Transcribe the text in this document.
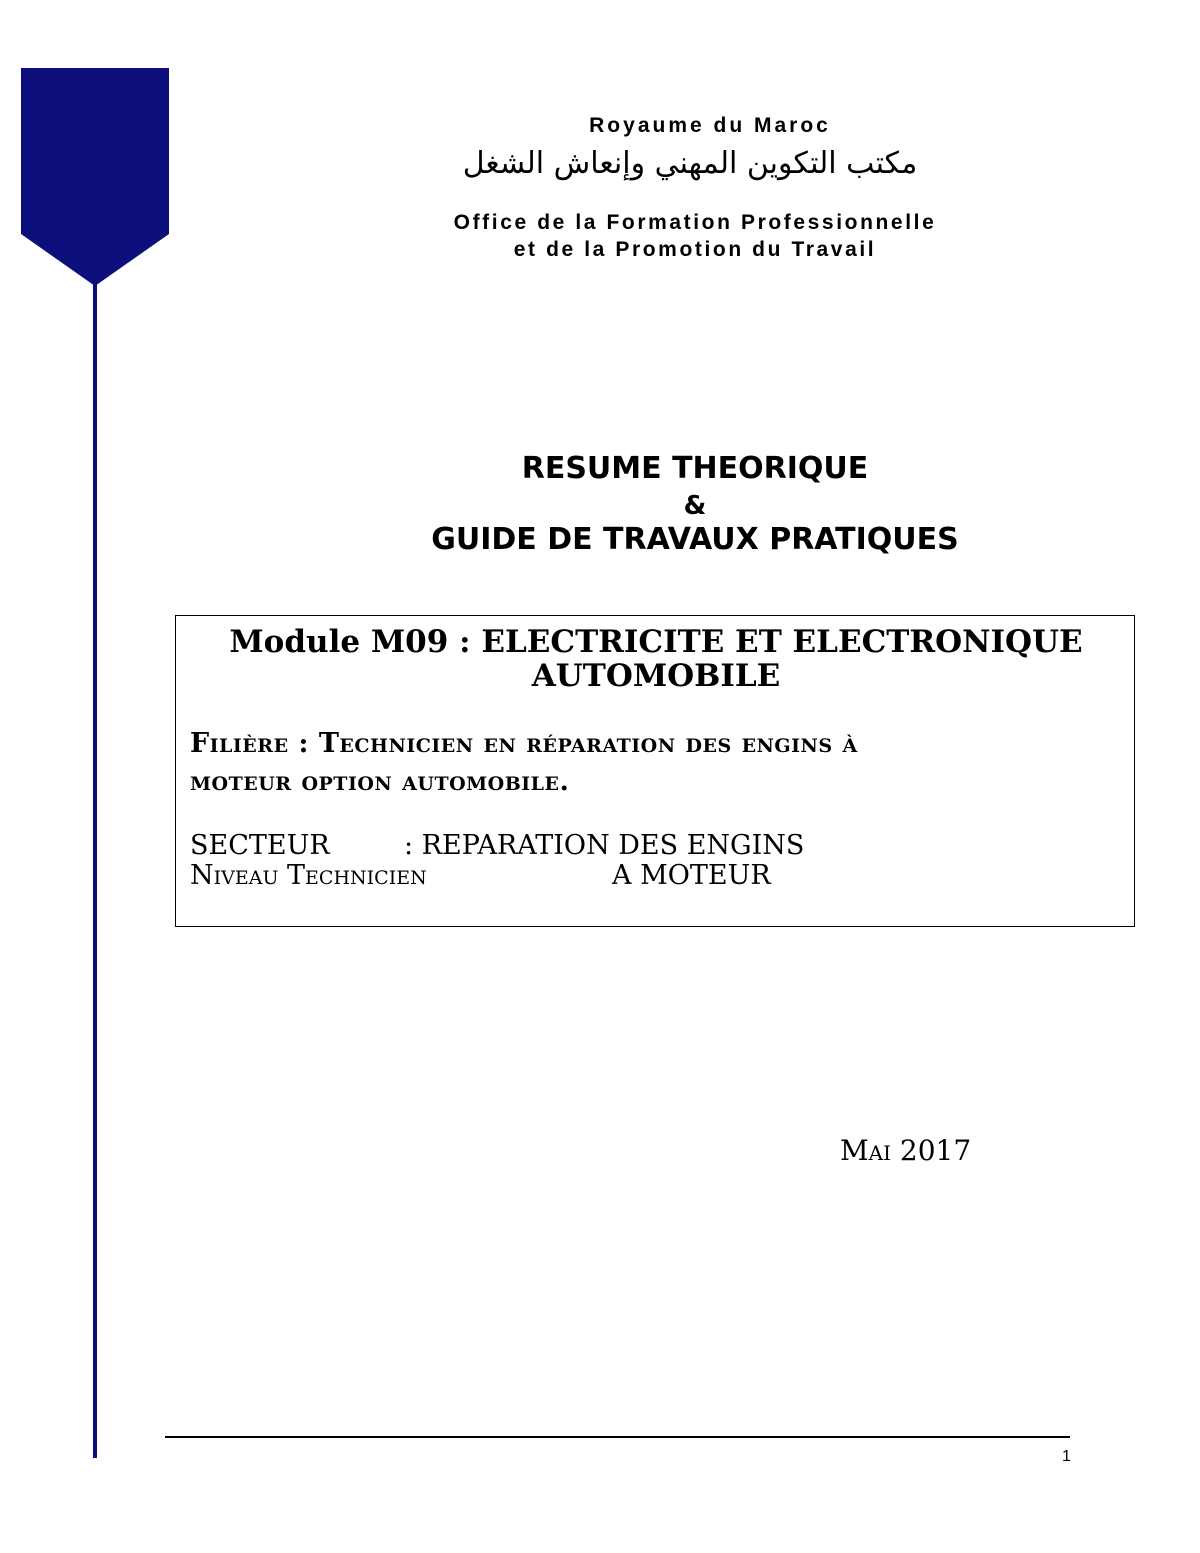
Royaume du Maroc
مكتب التكوين المهني وإنعاش الشغل
Office de la Formation Professionnelle
et de la Promotion du Travail
RESUME THEORIQUE
&
GUIDE DE TRAVAUX PRATIQUES
Module M09 : ELECTRICITE ET ELECTRONIQUE
AUTOMOBILE
Filière : Technicien en réparation des engins à
moteur option automobile.
SECTEUR	: REPARATION DES ENGINS
Niveau Technicien	A MOTEUR
Mai 2017
1
